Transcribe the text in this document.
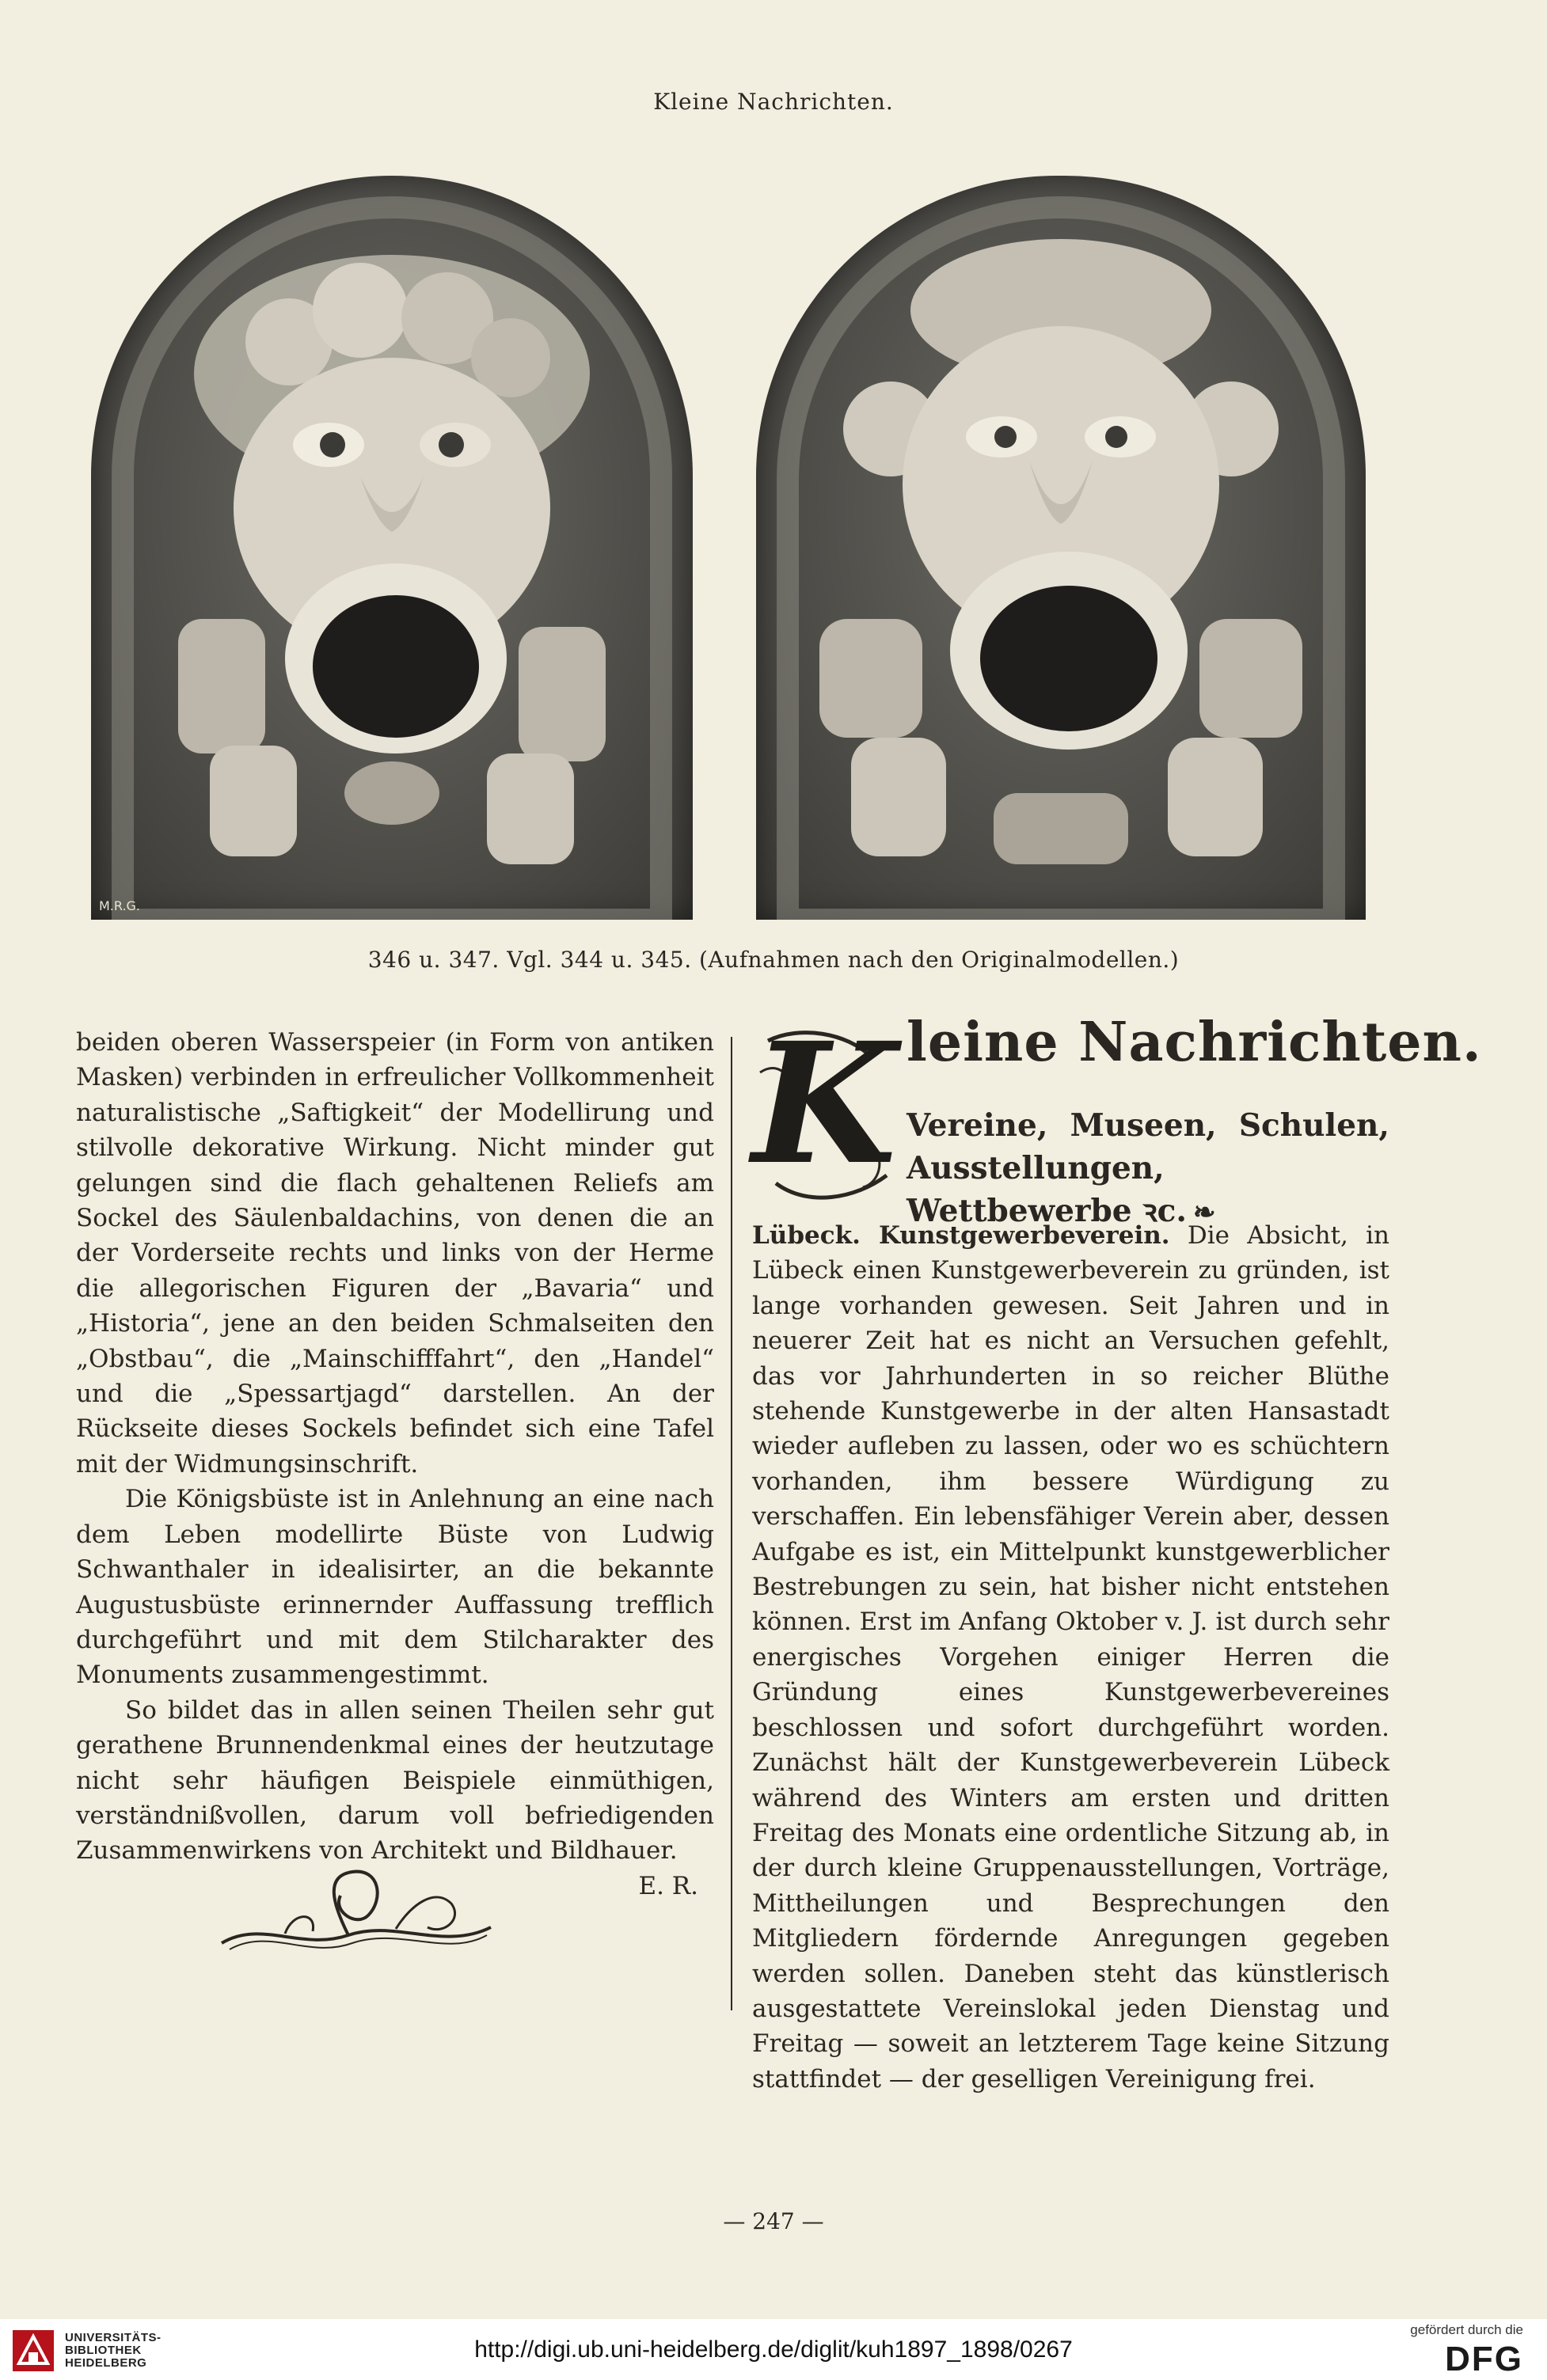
Kleine Nachrichten.
M.R.G.
346 u. 347. Vgl. 344 u. 345. (Aufnahmen nach den Originalmodellen.)

beiden oberen Wasserspeier (in Form von antiken Masken) verbinden in erfreulicher Vollkommenheit naturalistische „Saftigkeit“ der Modellirung und stilvolle dekorative Wirkung. Nicht minder gut gelungen sind die flach gehaltenen Reliefs am Sockel des Säulenbaldachins, von denen die an der Vorderseite rechts und links von der Herme die allegorischen Figuren der „Bavaria“ und „Historia“, jene an den beiden Schmalseiten den „Obstbau“, die „Mainschifffahrt“, den „Handel“ und die „Spessartjagd“ darstellen. An der Rückseite dieses Sockels befindet sich eine Tafel mit der Widmungsinschrift.

Die Königsbüste ist in Anlehnung an eine nach dem Leben modellirte Büste von Ludwig Schwanthaler in idealisirter, an die bekannte Augustusbüste erinnernder Auffassung trefflich durchgeführt und mit dem Stilcharakter des Monuments zusammengestimmt.

So bildet das in allen seinen Theilen sehr gut gerathene Brunnendenkmal eines der heutzutage nicht sehr häufigen Beispiele einmüthigen, verständnißvollen, darum voll befriedigenden Zusammenwirkens von Architekt und Bildhauer.

E. R.

K leine Nachrichten.
Vereine, Museen, Schulen, Ausstellungen, Wettbewerbe ꝛc. ❧

Lübeck. Kunstgewerbeverein. Die Absicht, in Lübeck einen Kunstgewerbeverein zu gründen, ist lange vorhanden gewesen. Seit Jahren und in neuerer Zeit hat es nicht an Versuchen gefehlt, das vor Jahrhunderten in so reicher Blüthe stehende Kunstgewerbe in der alten Hansastadt wieder aufleben zu lassen, oder wo es schüchtern vorhanden, ihm bessere Würdigung zu verschaffen. Ein lebensfähiger Verein aber, dessen Aufgabe es ist, ein Mittelpunkt kunstgewerblicher Bestrebungen zu sein, hat bisher nicht entstehen können. Erst im Anfang Oktober v. J. ist durch sehr energisches Vorgehen einiger Herren die Gründung eines Kunstgewerbevereines beschlossen und sofort durchgeführt worden. Zunächst hält der Kunstgewerbeverein Lübeck während des Winters am ersten und dritten Freitag des Monats eine ordentliche Sitzung ab, in der durch kleine Gruppenausstellungen, Vorträge, Mittheilungen und Besprechungen den Mitgliedern fördernde Anregungen gegeben werden sollen. Daneben steht das künstlerisch ausgestattete Vereinslokal jeden Dienstag und Freitag — soweit an letzterem Tage keine Sitzung stattfindet — der geselligen Vereinigung frei.

— 247 —
UNIVERSITÄTS-
BIBLIOTHEK
HEIDELBERG
http://digi.ub.uni-heidelberg.de/diglit/kuh1897_1898/0267
gefördert durch die
DFG
